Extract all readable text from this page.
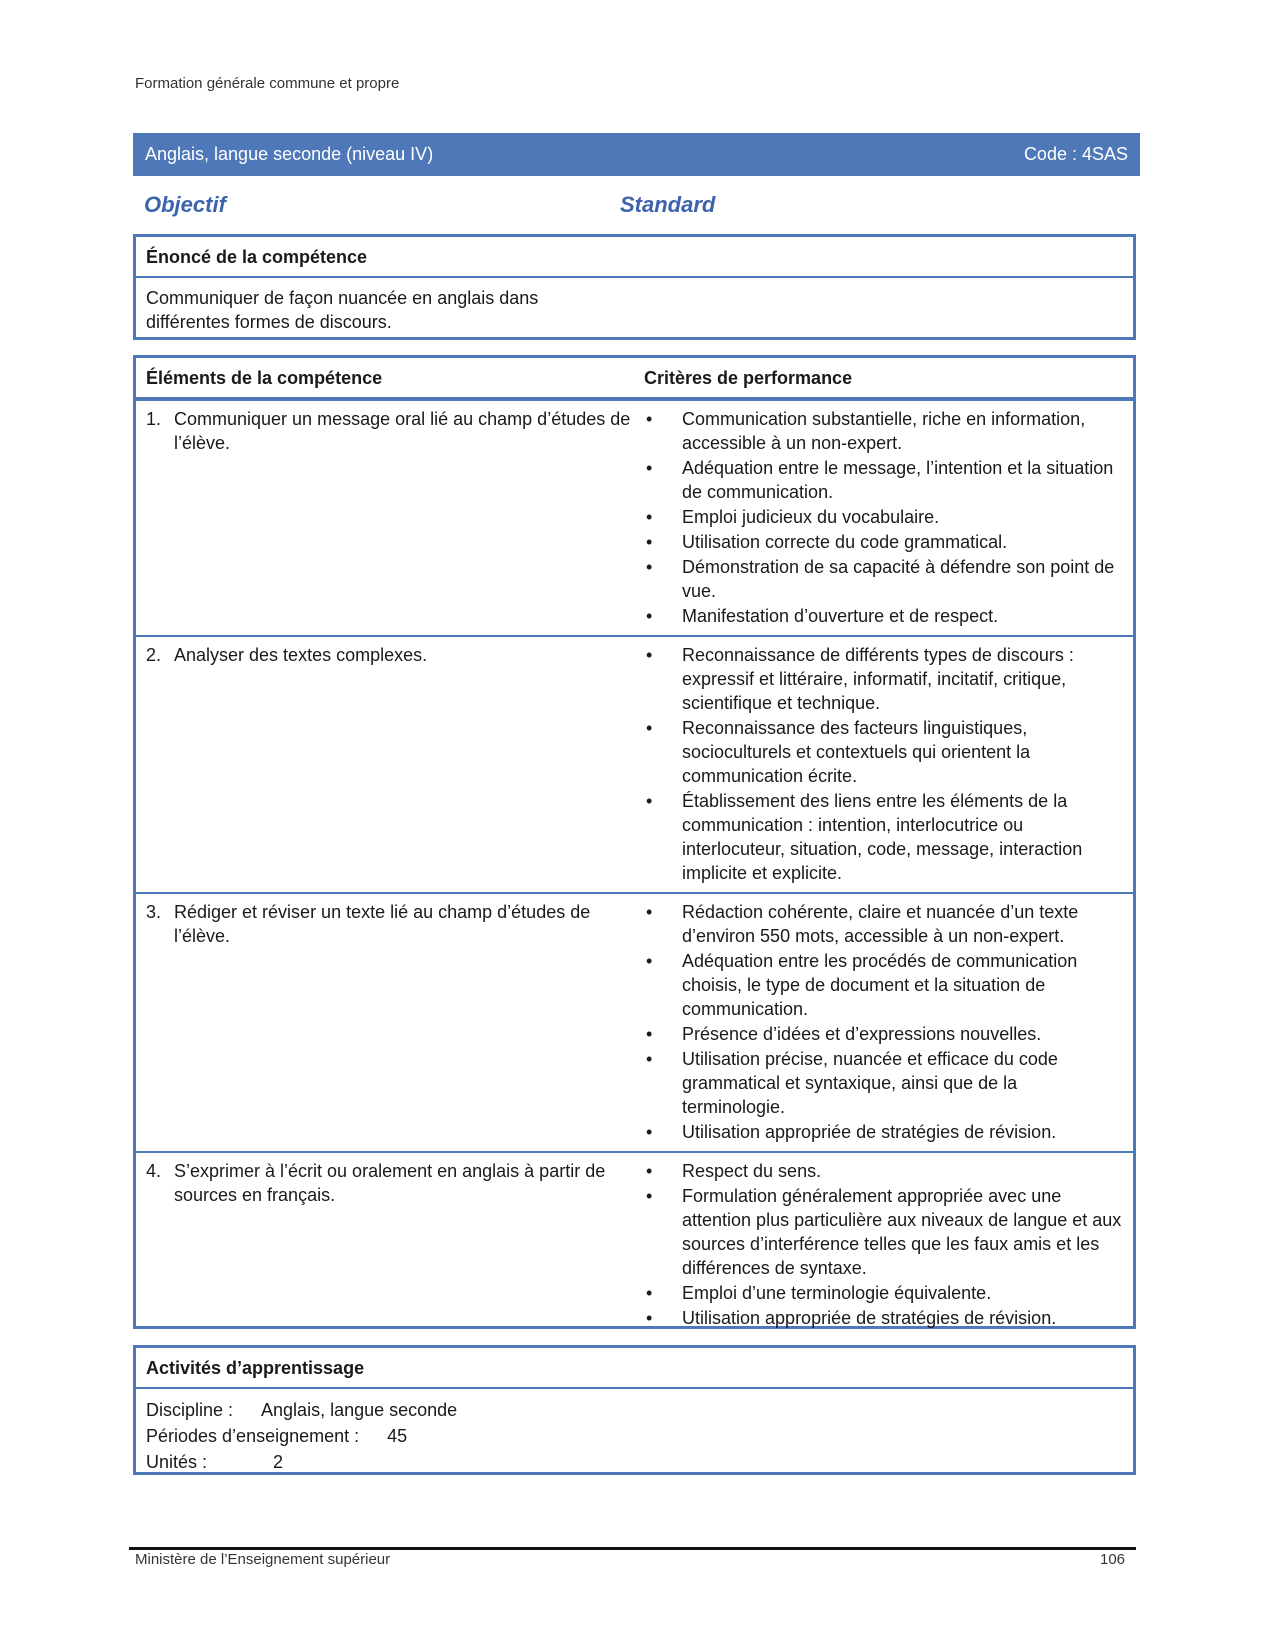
Formation générale commune et propre
Anglais, langue seconde (niveau IV)	Code : 4SAS
Objectif	Standard
Énoncé de la compétence
Communiquer de façon nuancée en anglais dans différentes formes de discours.
Éléments de la compétence	Critères de performance
1. Communiquer un message oral lié au champ d’études de l’élève.
• Communication substantielle, riche en information, accessible à un non-expert.
• Adéquation entre le message, l’intention et la situation de communication.
• Emploi judicieux du vocabulaire.
• Utilisation correcte du code grammatical.
• Démonstration de sa capacité à défendre son point de vue.
• Manifestation d’ouverture et de respect.
2. Analyser des textes complexes.
•	Reconnaissance de différents types de discours : expressif et littéraire, informatif, incitatif, critique, scientifique et technique.
• Reconnaissance des facteurs linguistiques, socioculturels et contextuels qui orientent la communication écrite.
• Établissement des liens entre les éléments de la communication : intention, interlocutrice ou interlocuteur, situation, code, message, interaction implicite et explicite.
3. Rédiger et réviser un texte lié au champ d’études de l’élève.
• Rédaction cohérente, claire et nuancée d’un texte d’environ 550 mots, accessible à un non-expert.
• Adéquation entre les procédés de communication choisis, le type de document et la situation de communication.
• Présence d’idées et d’expressions nouvelles.
• Utilisation précise, nuancée et efficace du code grammatical et syntaxique, ainsi que de la terminologie.
• Utilisation appropriée de stratégies de révision.
4. S’exprimer à l’écrit ou oralement en anglais à partir de sources en français.
• Respect du sens.
• Formulation généralement appropriée avec une attention plus particulière aux niveaux de langue et aux sources d’interférence telles que les faux amis et les différences de syntaxe.
• Emploi d’une terminologie équivalente.
• Utilisation appropriée de stratégies de révision.
Activités d’apprentissage
Discipline : Anglais, langue seconde
Périodes d’enseignement : 45
Unités :	2
Ministère de l’Enseignement supérieur	106
